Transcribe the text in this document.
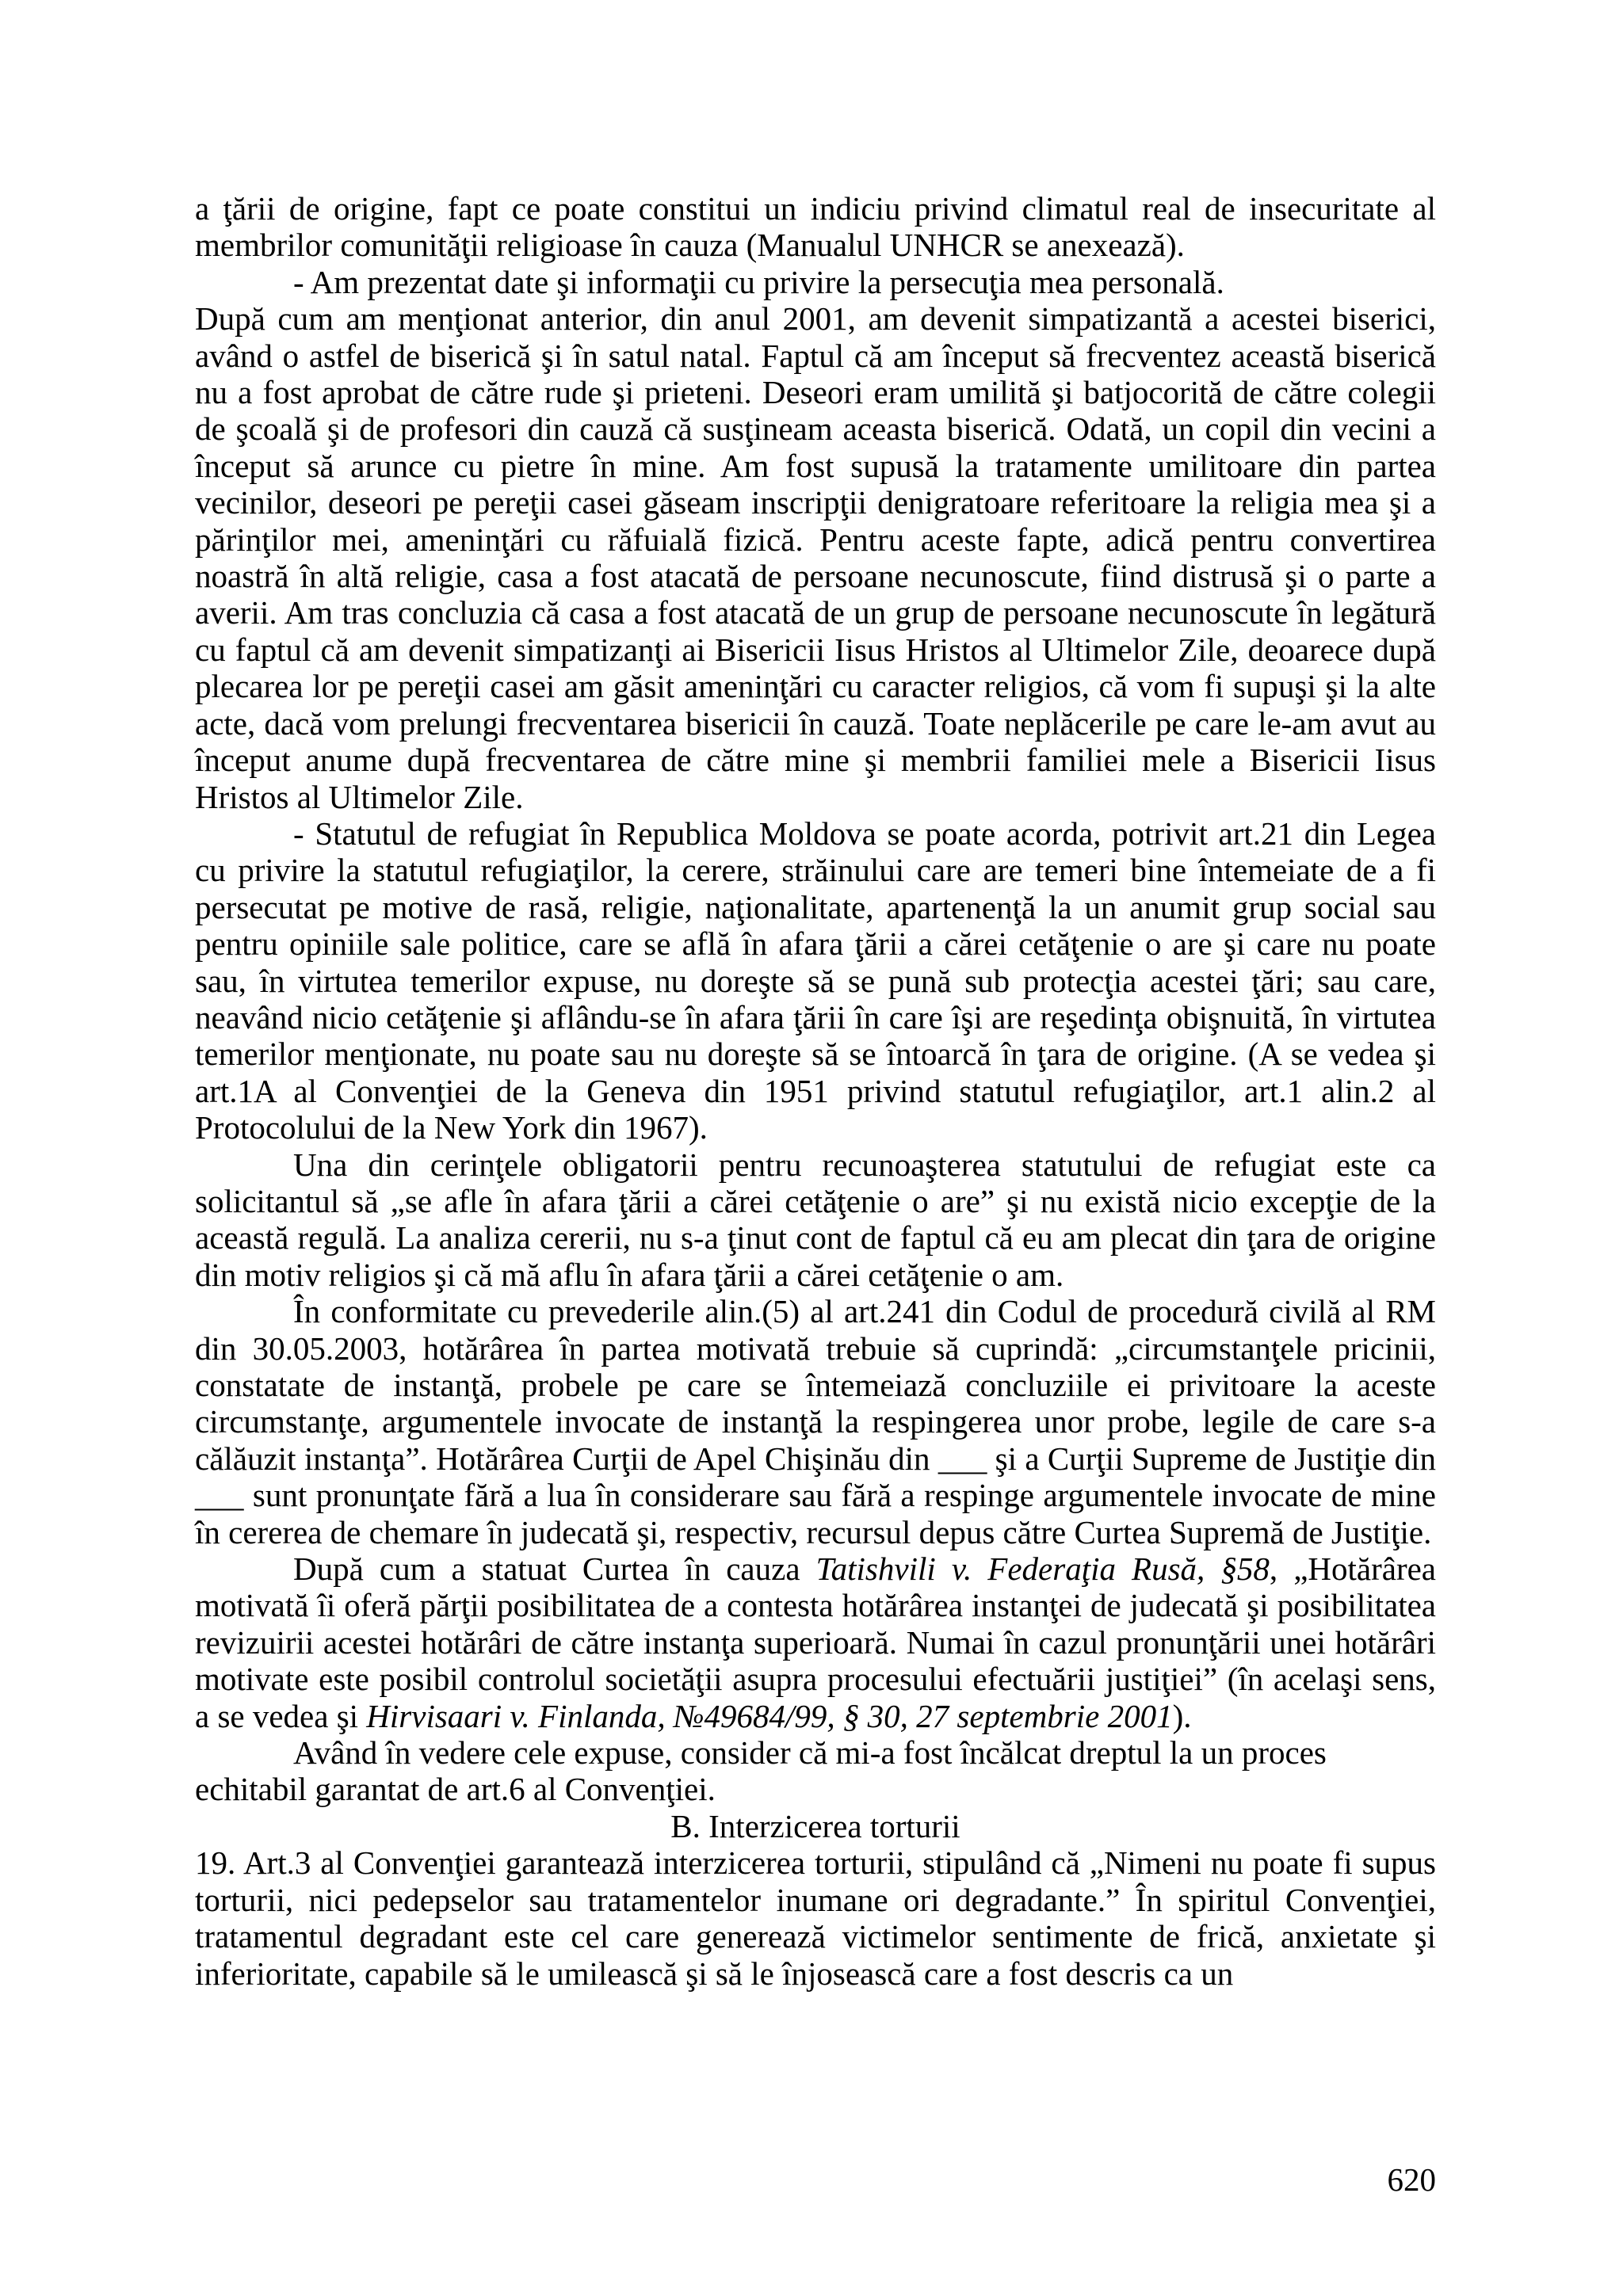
a ţării de origine, fapt ce poate constitui un indiciu privind climatul real de insecuritate al membrilor comunităţii religioase în cauza (Manualul UNHCR se anexează).

- Am prezentat date şi informaţii cu privire la persecuţia mea personală.

După cum am menţionat anterior, din anul 2001, am devenit simpatizantă a acestei biserici, având o astfel de biserică şi în satul natal. Faptul că am început să frecventez această biserică nu a fost aprobat de către rude şi prieteni. Deseori eram umilită şi batjocorită de către colegii de şcoală şi de profesori din cauză că susţineam aceasta biserică. Odată, un copil din vecini a început să arunce cu pietre în mine. Am fost supusă la tratamente umilitoare din partea vecinilor, deseori pe pereţii casei găseam inscripţii denigratoare referitoare la religia mea şi a părinţilor mei, ameninţări cu răfuială fizică. Pentru aceste fapte, adică pentru convertirea noastră în altă religie, casa a fost atacată de persoane necunoscute, fiind distrusă şi o parte a averii. Am tras concluzia că casa a fost atacată de un grup de persoane necunoscute în legătură cu faptul că am devenit simpatizanţi ai Bisericii Iisus Hristos al Ultimelor Zile, deoarece după plecarea lor pe pereţii casei am găsit ameninţări cu caracter religios, că vom fi supuşi şi la alte acte, dacă vom prelungi frecventarea bisericii în cauză. Toate neplăcerile pe care le-am avut au început anume după frecventarea de către mine şi membrii familiei mele a Bisericii Iisus Hristos al Ultimelor Zile.

- Statutul de refugiat în Republica Moldova se poate acorda, potrivit art.21 din Legea cu privire la statutul refugiaţilor, la cerere, străinului care are temeri bine întemeiate de a fi persecutat pe motive de rasă, religie, naţionalitate, apartenenţă la un anumit grup social sau pentru opiniile sale politice, care se află în afara ţării a cărei cetăţenie o are şi care nu poate sau, în virtutea temerilor expuse, nu doreşte să se pună sub protecţia acestei ţări; sau care, neavând nicio cetăţenie şi aflându-se în afara ţării în care îşi are reşedinţa obişnuită, în virtutea temerilor menţionate, nu poate sau nu doreşte să se întoarcă în ţara de origine. (A se vedea şi art.1A al Convenţiei de la Geneva din 1951 privind statutul refugiaţilor, art.1 alin.2 al Protocolului de la New York din 1967).

Una din cerinţele obligatorii pentru recunoaşterea statutului de refugiat este ca solicitantul să „se afle în afara ţării a cărei cetăţenie o are” şi nu există nicio excepţie de la această regulă. La analiza cererii, nu s-a ţinut cont de faptul că eu am plecat din ţara de origine din motiv religios şi că mă aflu în afara ţării a cărei cetăţenie o am.

În conformitate cu prevederile alin.(5) al art.241 din Codul de procedură civilă al RM din 30.05.2003, hotărârea în partea motivată trebuie să cuprindă: „circumstanţele pricinii, constatate de instanţă, probele pe care se întemeiază concluziile ei privitoare la aceste circumstanţe, argumentele invocate de instanţă la respingerea unor probe, legile de care s-a călăuzit instanţa”. Hotărârea Curţii de Apel Chişinău din ___ şi a Curţii Supreme de Justiţie din ___ sunt pronunţate fără a lua în considerare sau fără a respinge argumentele invocate de mine în cererea de chemare în judecată şi, respectiv, recursul depus către Curtea Supremă de Justiţie.

După cum a statuat Curtea în cauza Tatishvili v. Federaţia Rusă, §58, „Hotărârea motivată îi oferă părţii posibilitatea de a contesta hotărârea instanţei de judecată şi posibilitatea revizuirii acestei hotărâri de către instanţa superioară. Numai în cazul pronunţării unei hotărâri motivate este posibil controlul societăţii asupra procesului efectuării justiţiei” (în acelaşi sens, a se vedea şi Hirvisaari v. Finlanda, №49684/99, § 30, 27 septembrie 2001).

Având în vedere cele expuse, consider că mi-a fost încălcat dreptul la un proces echitabil garantat de art.6 al Convenţiei.

B. Interzicerea torturii

19. Art.3 al Convenţiei garantează interzicerea torturii, stipulând că „Nimeni nu poate fi supus torturii, nici pedepselor sau tratamentelor inumane ori degradante.” În spiritul Convenţiei, tratamentul degradant este cel care generează victimelor sentimente de frică, anxietate şi inferioritate, capabile să le umilească şi să le înjosească care a fost descris ca un

620
